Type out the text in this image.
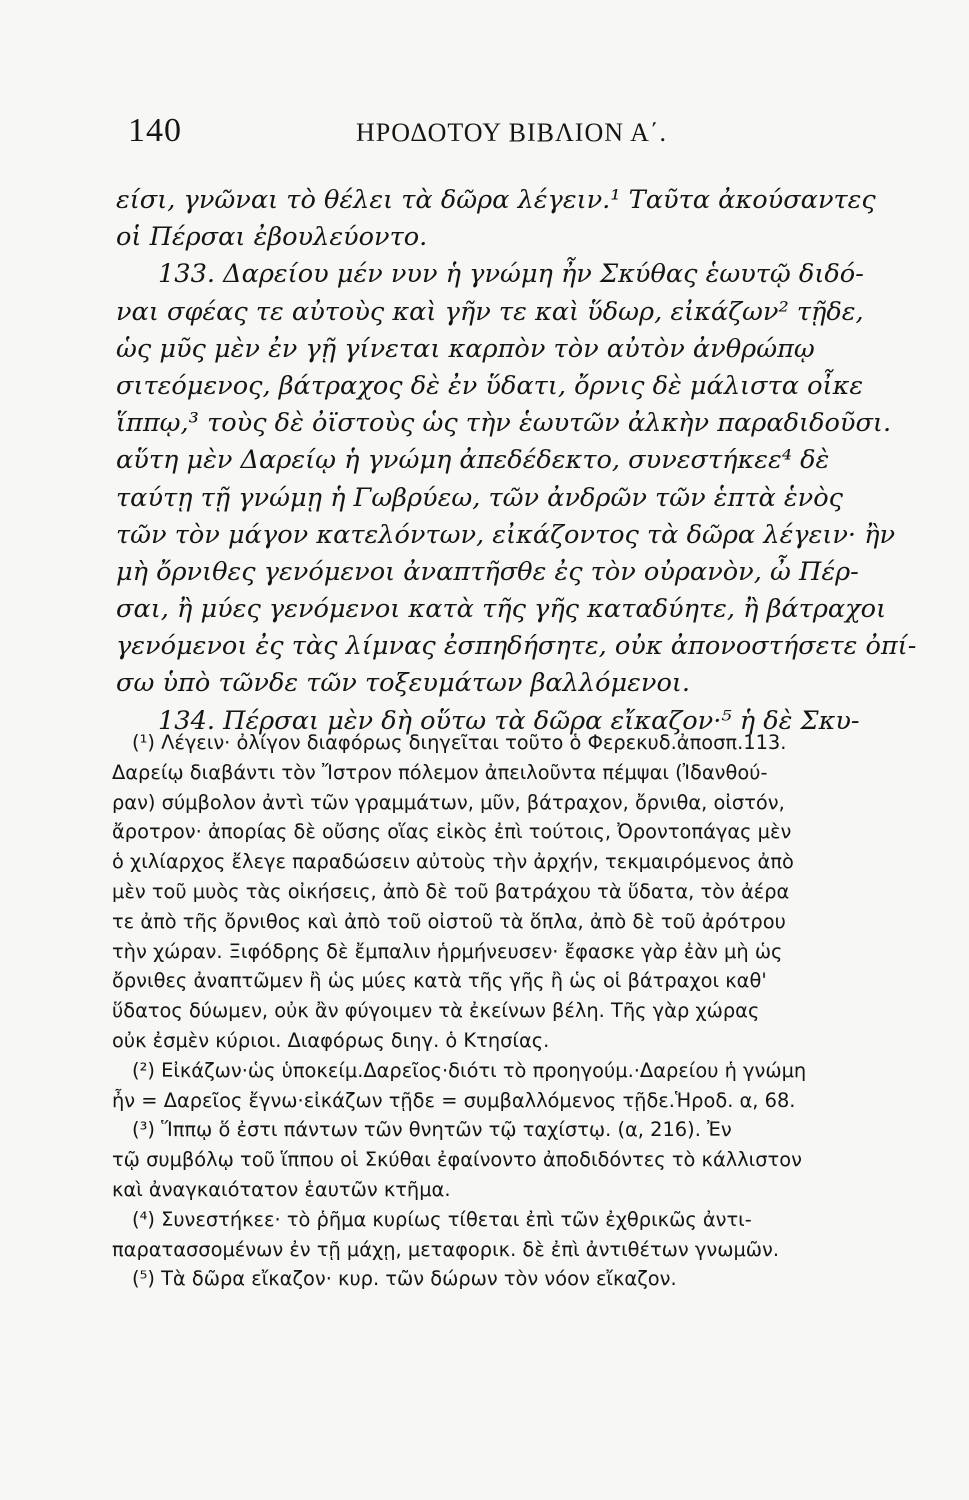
140	ΗΡΟΔΟΤΟΥ ΒΙΒΛΙΟΝ Α΄.
είσι, γνῶναι τὸ θέλει τὰ δῶρα λέγειν.¹ Ταῦτα ἀκούσαντες
οἱ Πέρσαι ἐβουλεύοντο.
133. Δαρείου μέν νυν ἡ γνώμη ἦν Σκύθας ἑωυτῷ διδό-
ναι σφέας τε αὐτοὺς καὶ γῆν τε καὶ ὕδωρ, εἰκάζων² τῇδε,
ὡς μῦς μὲν ἐν γῇ γίνεται καρπὸν τὸν αὐτὸν ἀνθρώπῳ
σιτεόμενος, βάτραχος δὲ ἐν ὕδατι, ὄρνις δὲ μάλιστα οἶκε
ἵππῳ,³ τοὺς δὲ ὀϊστοὺς ὡς τὴν ἑωυτῶν ἀλκὴν παραδιδοῦσι.
αὕτη μὲν Δαρείῳ ἡ γνώμη ἀπεδέδεκτο, συνεστήκεε⁴ δὲ
ταύτῃ τῇ γνώμῃ ἡ Γωβρύεω, τῶν ἀνδρῶν τῶν ἑπτὰ ἑνὸς
τῶν τὸν μάγον κατελόντων, εἰκάζοντος τὰ δῶρα λέγειν· ἢν
μὴ ὄρνιθες γενόμενοι ἀναπτῆσθε ἐς τὸν οὐρανὸν, ὦ Πέρ-
σαι, ἢ μύες γενόμενοι κατὰ τῆς γῆς καταδύητε, ἢ βάτραχοι
γενόμενοι ἐς τὰς λίμνας ἐσπηδήσητε, οὐκ ἀπονοστήσετε ὀπί-
σω ὑπὸ τῶνδε τῶν τοξευμάτων βαλλόμενοι.
134. Πέρσαι μὲν δὴ οὕτω τὰ δῶρα εἴκαζον·⁵ ἡ δὲ Σκυ-
(¹) Λέγειν· ὀλίγον διαφόρως διηγεῖται τοῦτο ὁ Φερεκυδ.ἀποσπ.113.
Δαρείῳ διαβάντι τὸν Ἴστρον πόλεμον ἀπειλοῦντα πέμψαι (Ἰδανθού-
ραν) σύμβολον ἀντὶ τῶν γραμμάτων, μῦν, βάτραχον, ὄρνιθα, οἰστόν,
ἄροτρον· ἀπορίας δὲ οὔσης οἵας εἰκὸς ἐπὶ τούτοις, Ὀροντοπάγας μὲν
ὁ χιλίαρχος ἔλεγε παραδώσειν αὐτοὺς τὴν ἀρχήν, τεκμαιρόμενος ἀπὸ
μὲν τοῦ μυὸς τὰς οἰκήσεις, ἀπὸ δὲ τοῦ βατράχου τὰ ὕδατα, τὸν ἀέρα
τε ἀπὸ τῆς ὄρνιθος καὶ ἀπὸ τοῦ οἰστοῦ τὰ ὅπλα, ἀπὸ δὲ τοῦ ἀρότρου
τὴν χώραν. Ξιφόδρης δὲ ἔμπαλιν ἡρμήνευσεν· ἔφασκε γὰρ ἐὰν μὴ ὡς
ὄρνιθες ἀναπτῶμεν ἢ ὡς μύες κατὰ τῆς γῆς ἢ ὡς οἱ βάτραχοι καθ'
ὕδατος δύωμεν, οὐκ ἂν φύγοιμεν τὰ ἐκείνων βέλη. Τῆς γὰρ χώρας
οὐκ ἐσμὲν κύριοι. Διαφόρως διηγ. ὁ Κτησίας.
(²) Εἰκάζων·ὡς ὑποκείμ.Δαρεῖος·διότι τὸ προηγούμ.·Δαρείου ἡ γνώμη
ἦν = Δαρεῖος ἔγνω·εἰκάζων τῇδε = συμβαλλόμενος τῇδε.Ἡροδ. α, 68.
(³) Ἵππῳ ὅ ἐστι πάντων τῶν θνητῶν τῷ ταχίστῳ. (α, 216). Ἐν
τῷ συμβόλῳ τοῦ ἵππου οἱ Σκύθαι ἐφαίνοντο ἀποδιδόντες τὸ κάλλιστον
καὶ ἀναγκαιότατον ἑαυτῶν κτῆμα.
(⁴) Συνεστήκεε· τὸ ῥῆμα κυρίως τίθεται ἐπὶ τῶν ἐχθρικῶς ἀντι-
παρατασσομένων ἐν τῇ μάχῃ, μεταφορικ. δὲ ἐπὶ ἀντιθέτων γνωμῶν.
(⁵) Τὰ δῶρα εἴκαζον· κυρ. τῶν δώρων τὸν νόον εἴκαζον.
